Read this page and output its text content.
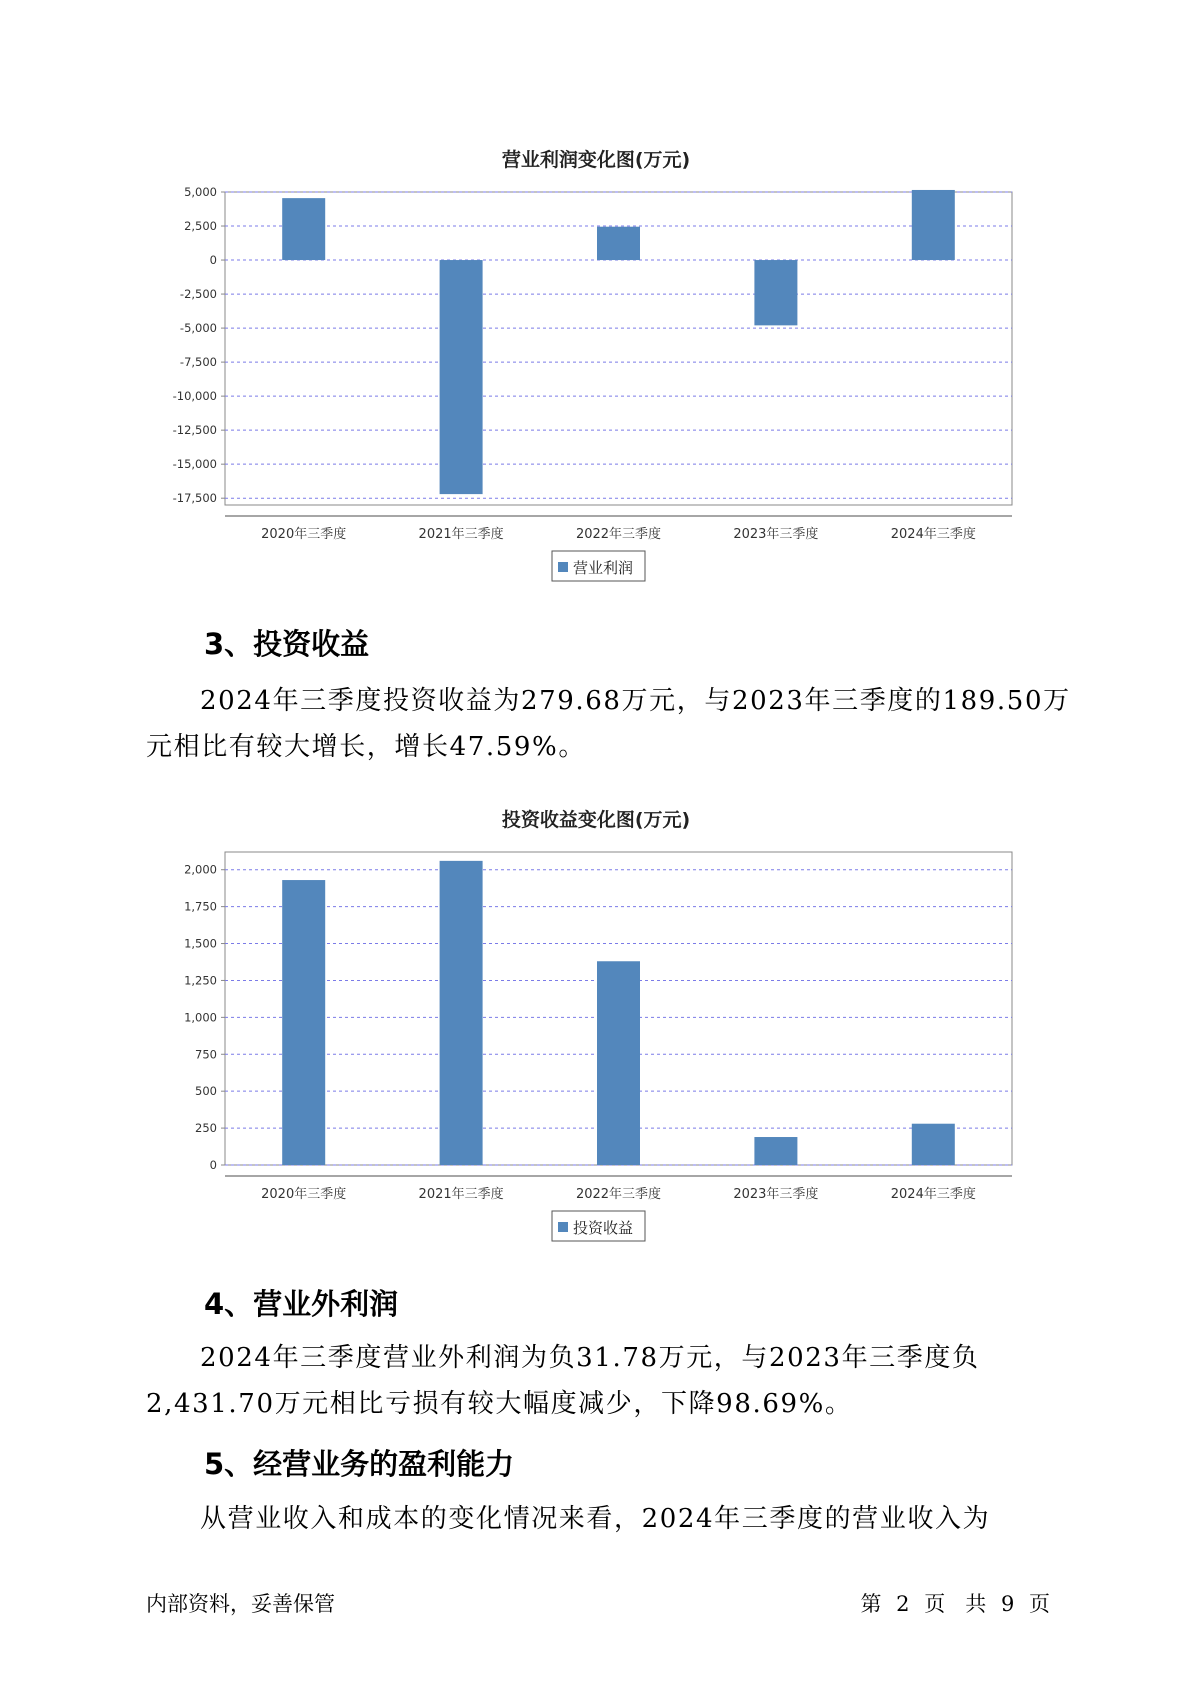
营业利润变化图(万元)
5,000
2,500
0
-2,500
-5,000
-7,500
-10,000
-12,500
-15,000
-17,500
2020年三季度	2021年三季度	2022年三季度	2023年三季度	2024年三季度
营业利润
3、投资收益

2024年三季度投资收益为279.68万元，与2023年三季度的189.50万元相比有较大增长，增长47.59%。

投资收益变化图(万元)
2,000
1,750
1,500
1,250
1,000
750
500
250
0
2020年三季度	2021年三季度	2022年三季度	2023年三季度	2024年三季度
投资收益
4、营业外利润

2024年三季度营业外利润为负31.78万元，与2023年三季度负2,431.70万元相比亏损有较大幅度减少，下降98.69%。

5、经营业务的盈利能力

从营业收入和成本的变化情况来看，2024年三季度的营业收入为

内部资料，妥善保管	第 2 页   共 9 页
